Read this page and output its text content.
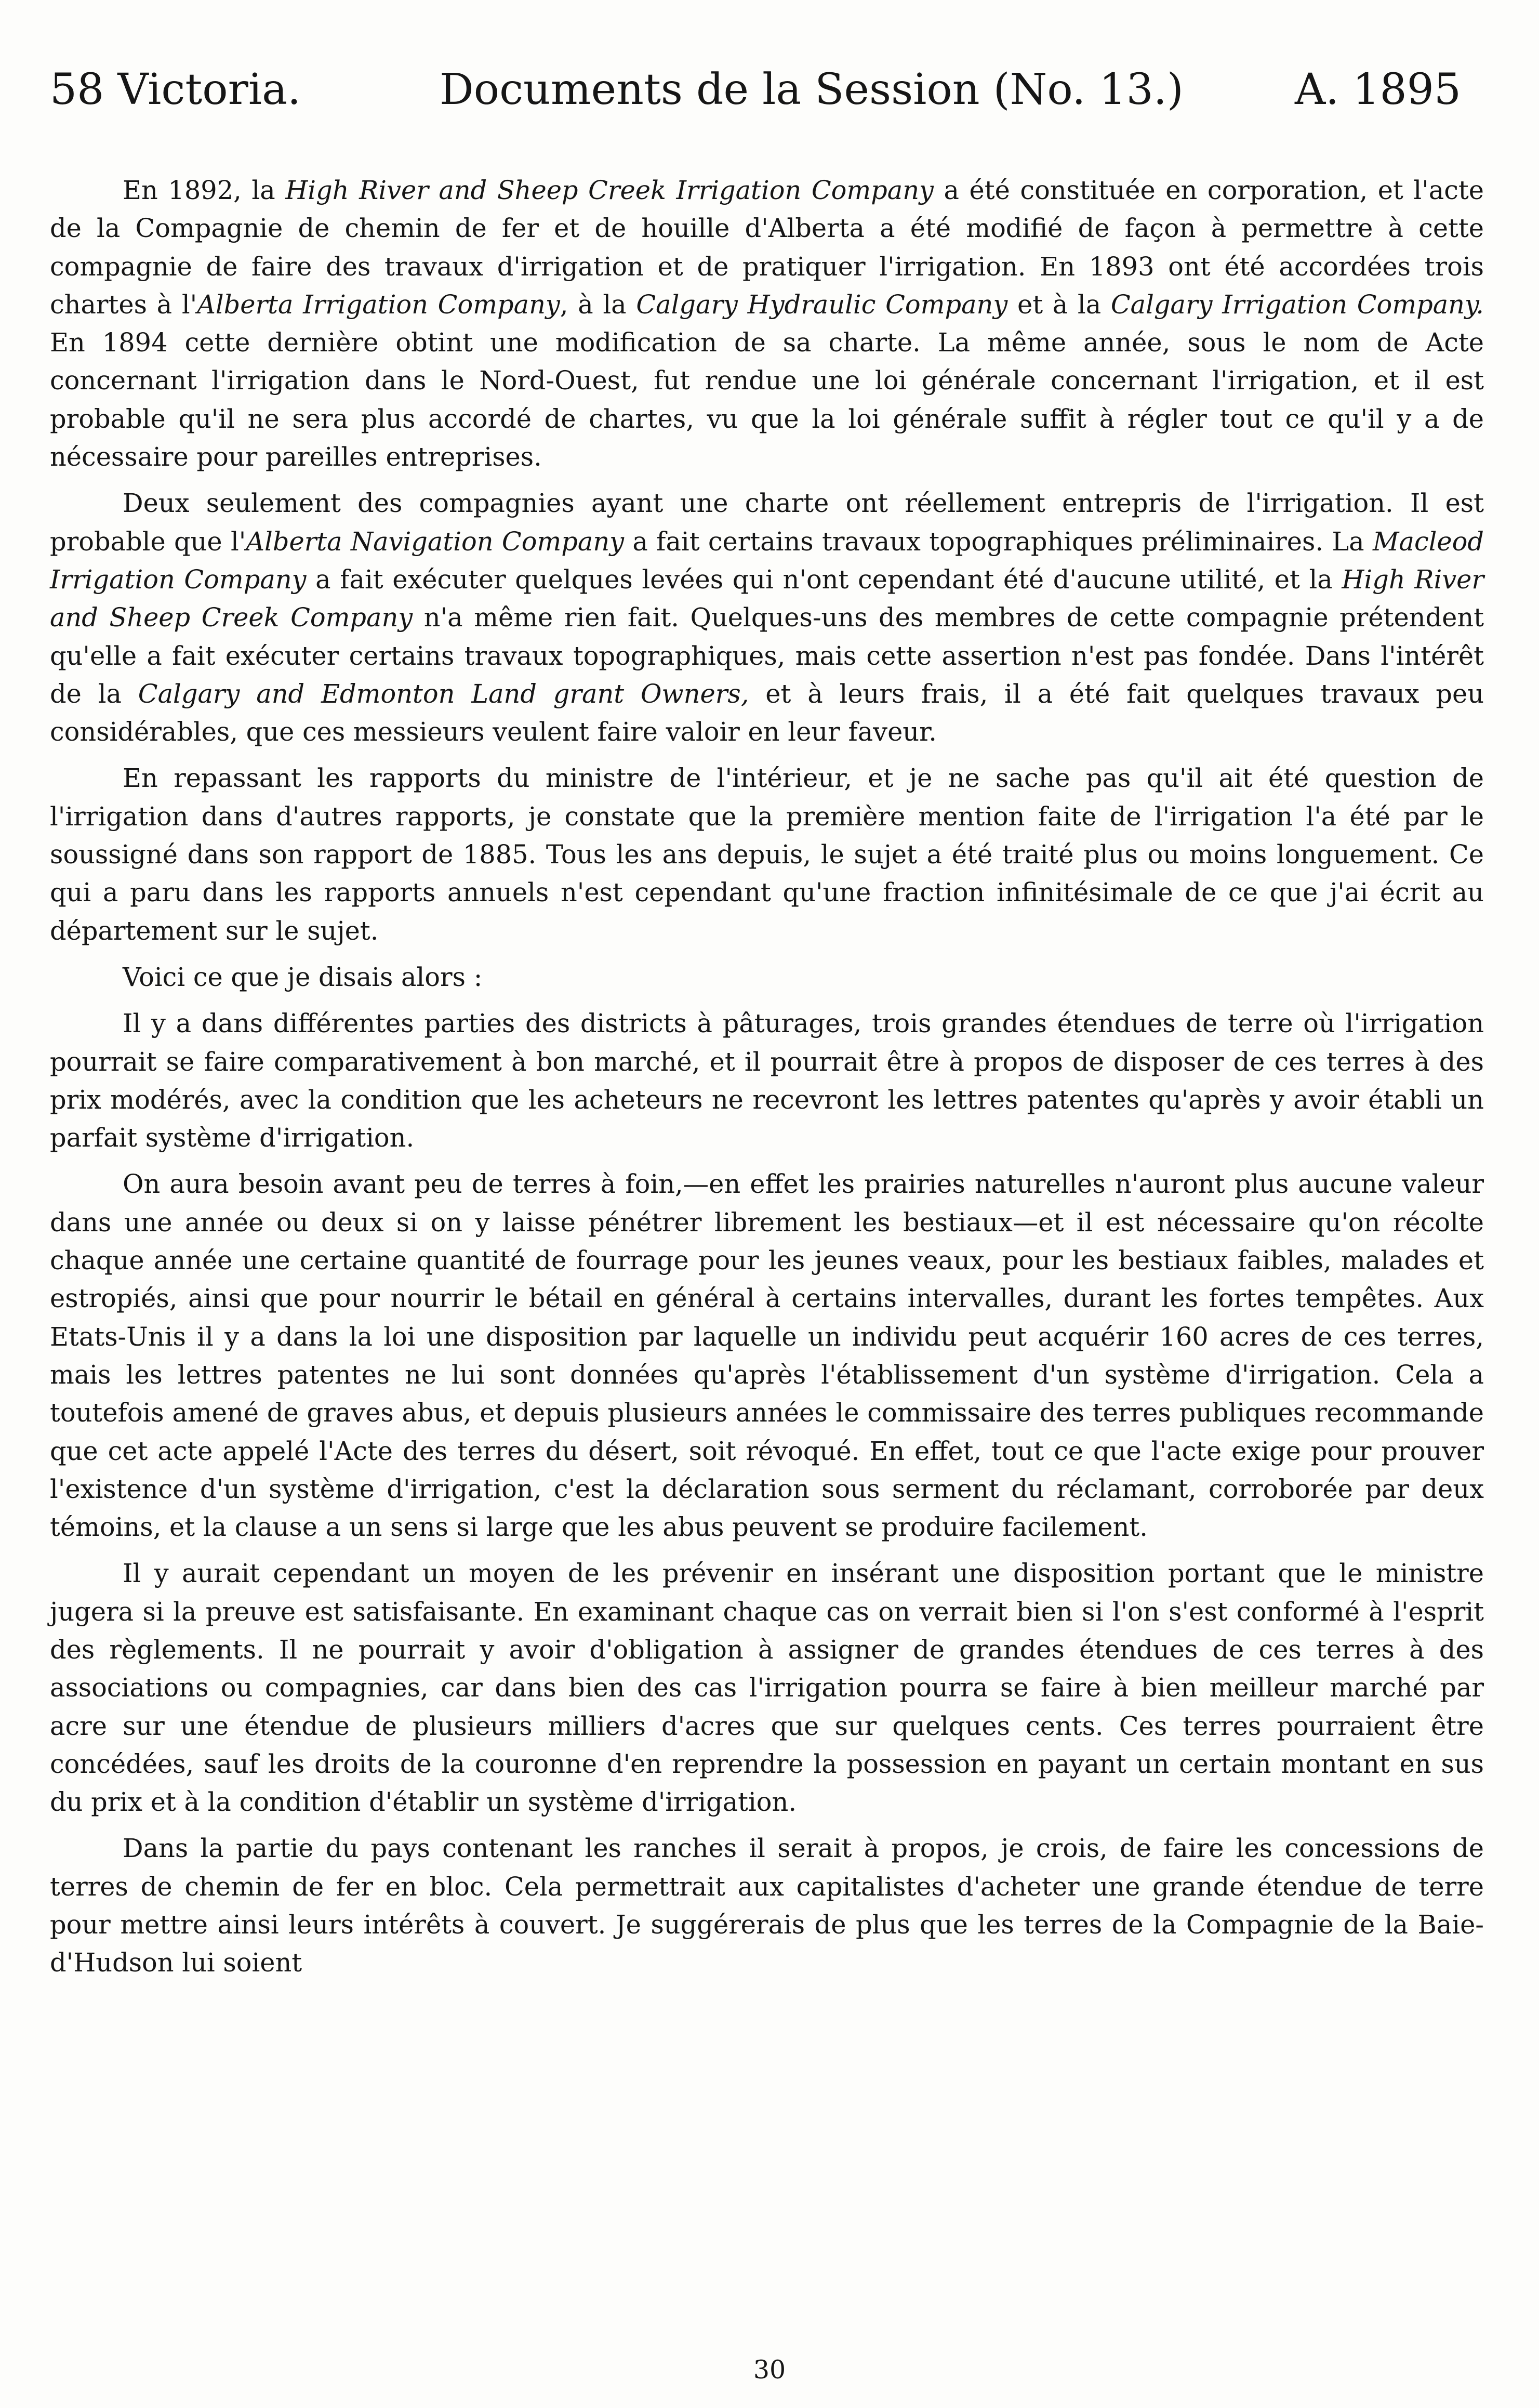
58 Victoria.	Documents de la Session (No. 13.)	A. 1895

En 1892, la High River and Sheep Creek Irrigation Company a été constituée en corporation, et l'acte de la Compagnie de chemin de fer et de houille d'Alberta a été modifié de façon à permettre à cette compagnie de faire des travaux d'irrigation et de pratiquer l'irrigation. En 1893 ont été accordées trois chartes à l'Alberta Irrigation Company, à la Calgary Hydraulic Company et à la Calgary Irrigation Company. En 1894 cette dernière obtint une modification de sa charte. La même année, sous le nom de Acte concernant l'irrigation dans le Nord-Ouest, fut rendue une loi générale concernant l'irrigation, et il est probable qu'il ne sera plus accordé de chartes, vu que la loi générale suffit à régler tout ce qu'il y a de nécessaire pour pareilles entreprises.

Deux seulement des compagnies ayant une charte ont réellement entrepris de l'irrigation. Il est probable que l'Alberta Navigation Company a fait certains travaux topographiques préliminaires. La Macleod Irrigation Company a fait exécuter quelques levées qui n'ont cependant été d'aucune utilité, et la High River and Sheep Creek Company n'a même rien fait. Quelques-uns des membres de cette compagnie prétendent qu'elle a fait exécuter certains travaux topographiques, mais cette assertion n'est pas fondée. Dans l'intérêt de la Calgary and Edmonton Land grant Owners, et à leurs frais, il a été fait quelques travaux peu considérables, que ces messieurs veulent faire valoir en leur faveur.

En repassant les rapports du ministre de l'intérieur, et je ne sache pas qu'il ait été question de l'irrigation dans d'autres rapports, je constate que la première mention faite de l'irrigation l'a été par le soussigné dans son rapport de 1885. Tous les ans depuis, le sujet a été traité plus ou moins longuement. Ce qui a paru dans les rapports annuels n'est cependant qu'une fraction infinitésimale de ce que j'ai écrit au département sur le sujet.

Voici ce que je disais alors :

Il y a dans différentes parties des districts à pâturages, trois grandes étendues de terre où l'irrigation pourrait se faire comparativement à bon marché, et il pourrait être à propos de disposer de ces terres à des prix modérés, avec la condition que les acheteurs ne recevront les lettres patentes qu'après y avoir établi un parfait système d'irrigation.

On aura besoin avant peu de terres à foin,—en effet les prairies naturelles n'auront plus aucune valeur dans une année ou deux si on y laisse pénétrer librement les bestiaux—et il est nécessaire qu'on récolte chaque année une certaine quantité de fourrage pour les jeunes veaux, pour les bestiaux faibles, malades et estropiés, ainsi que pour nourrir le bétail en général à certains intervalles, durant les fortes tempêtes. Aux Etats-Unis il y a dans la loi une disposition par laquelle un individu peut acquérir 160 acres de ces terres, mais les lettres patentes ne lui sont données qu'après l'établissement d'un système d'irrigation. Cela a toutefois amené de graves abus, et depuis plusieurs années le commissaire des terres publiques recommande que cet acte appelé l'Acte des terres du désert, soit révoqué. En effet, tout ce que l'acte exige pour prouver l'existence d'un système d'irrigation, c'est la déclaration sous serment du réclamant, corroborée par deux témoins, et la clause a un sens si large que les abus peuvent se produire facilement.

Il y aurait cependant un moyen de les prévenir en insérant une disposition portant que le ministre jugera si la preuve est satisfaisante. En examinant chaque cas on verrait bien si l'on s'est conformé à l'esprit des règlements. Il ne pourrait y avoir d'obligation à assigner de grandes étendues de ces terres à des associations ou compagnies, car dans bien des cas l'irrigation pourra se faire à bien meilleur marché par acre sur une étendue de plusieurs milliers d'acres que sur quelques cents. Ces terres pourraient être concédées, sauf les droits de la couronne d'en reprendre la possession en payant un certain montant en sus du prix et à la condition d'établir un système d'irrigation.

Dans la partie du pays contenant les ranches il serait à propos, je crois, de faire les concessions de terres de chemin de fer en bloc. Cela permettrait aux capitalistes d'acheter une grande étendue de terre pour mettre ainsi leurs intérêts à couvert. Je suggérerais de plus que les terres de la Compagnie de la Baie-d'Hudson lui soient

30
